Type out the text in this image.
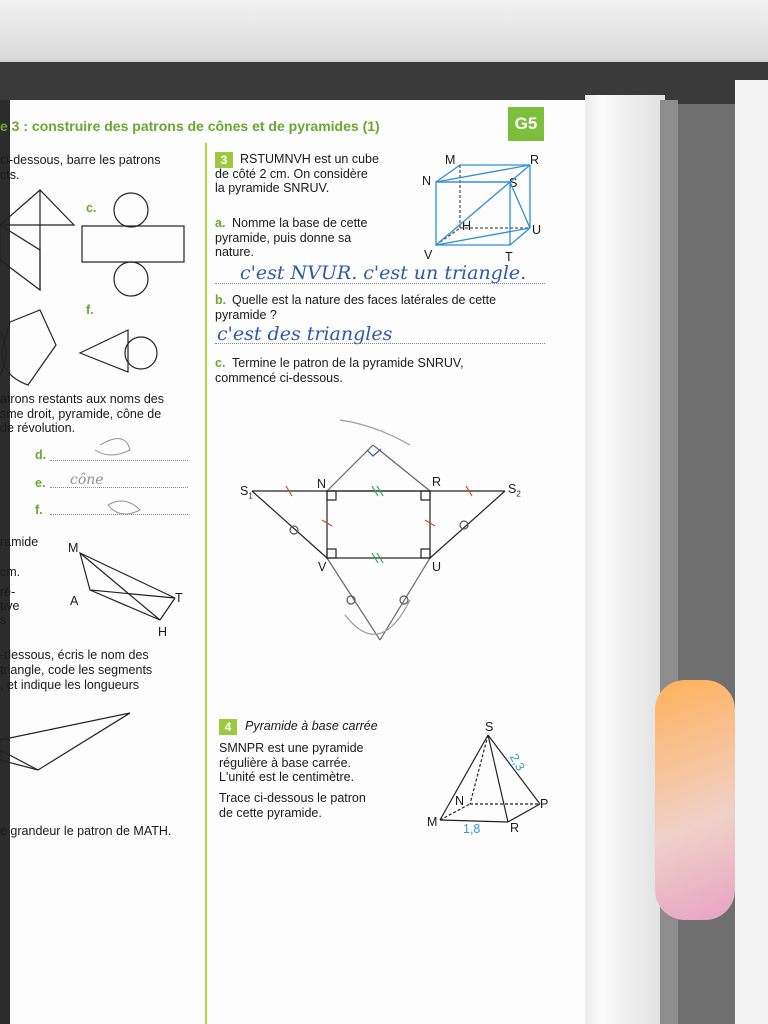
e 3 : construire des patrons de cônes et de pyramides (1)	G5
ci-dessous, barre les patrons
cts.
c.
f.
atrons restants aux noms des
sme droit, pyramide, cône de
de révolution.
d.
e.
f.
cône
ramide
cm.
ré-
tive
s
M
A	T
H
-dessous, écris le nom des
triangle, code les segments
, et indique les longueurs
e grandeur le patron de MATH.
3	RSTUMNVH est un cube
de côté 2 cm. On considère
la pyramide SNRUV.
a. Nomme la base de cette
pyramide, puis donne sa
nature.
c'est NVUR. c'est un triangle.
b. Quelle est la nature des faces latérales de cette
pyramide ?
c'est des triangles
c. Termine le patron de la pyramide SNRUV,
commencé ci-dessous.
M	R
N	S
H	U
V	T
$S_1$
N	R	$S_2$
V	U
4	Pyramide à base carrée
SMNPR est une pyramide
régulière à base carrée.
L'unité est le centimètre.
Trace ci-dessous le patron
de cette pyramide.
S
N	P
M	R
2,3
1,8
